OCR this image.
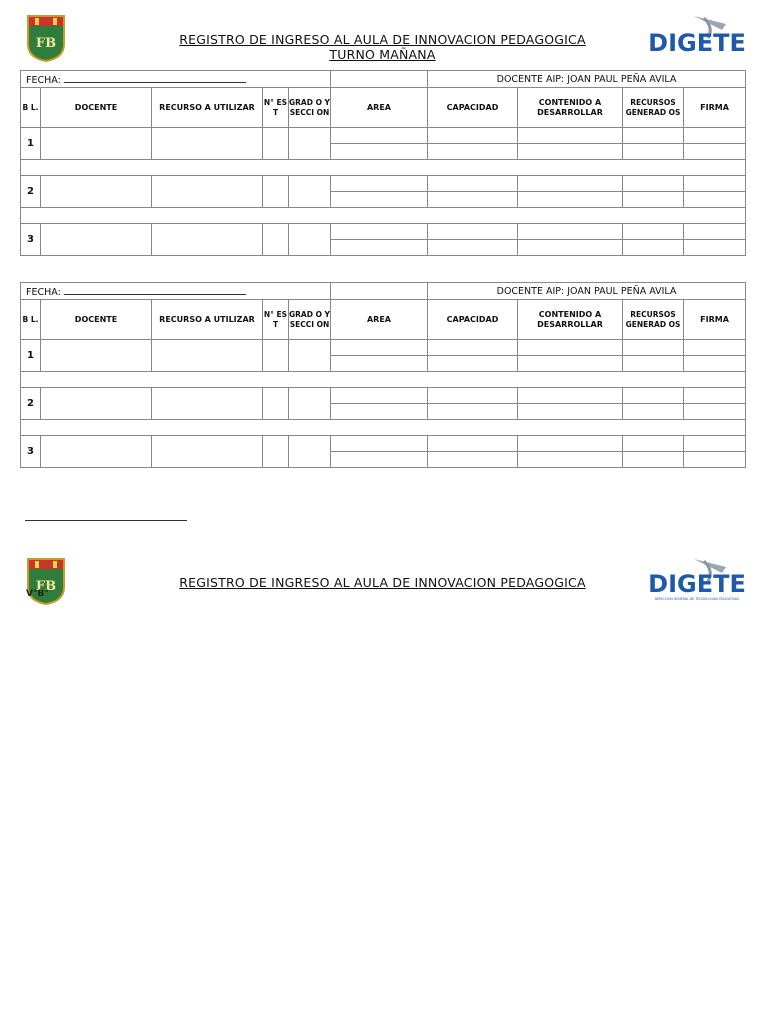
FB	REGISTRO DE INGRESO AL AULA DE INNOVACION PEDAGOGICA
TURNO MAÑANA	DIGETE
FECHA:						DOCENTE AIP: JOAN PAUL PEÑA AVILA			
B L.	DOCENTE	RECURSO A UTILIZAR	N° ES T	GRAD O Y SECCI ON	AREA	CAPACIDAD	CONTENIDO A DESARROLLAR	RECURSOS GENERAD OS	FIRMA
1									

2									

3									

FECHA:						DOCENTE AIP: JOAN PAUL PEÑA AVILA			
B L.	DOCENTE	RECURSO A UTILIZAR	N° ES T	GRAD O Y SECCI ON	AREA	CAPACIDAD	CONTENIDO A DESARROLLAR	RECURSOS GENERAD OS	FIRMA
1									

2									

3									

FB
V°B°
REGISTRO DE INGRESO AL AULA DE INNOVACION PEDAGOGICA	DIGETE
DIRECCIÓN GENERAL DE TECNOLOGÍAS EDUCATIVAS
